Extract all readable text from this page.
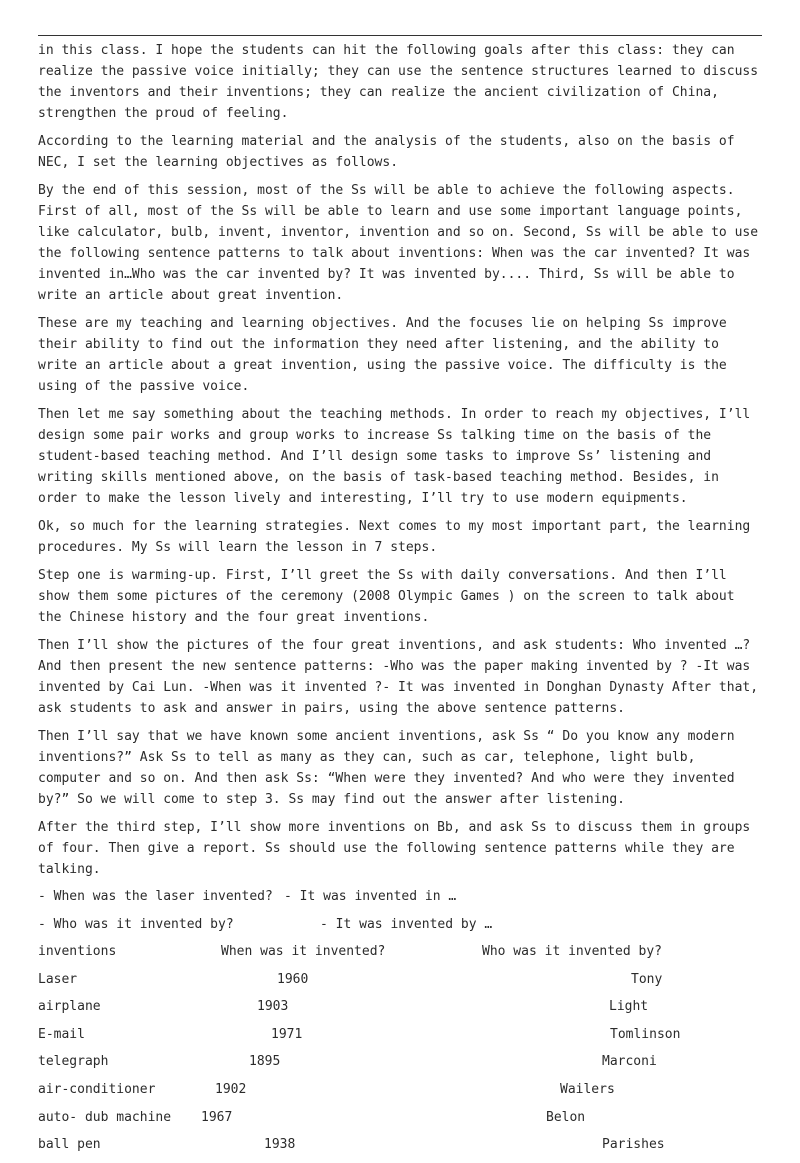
in this class. I hope the students can hit the following goals after this class: they can realize the passive voice initially; they can use the sentence structures learned to discuss the inventors and their inventions; they can realize the ancient civilization of China, strengthen the proud of feeling.

According to the learning material and the analysis of the students, also on the basis of NEC, I set the learning objectives as follows.

By the end of this session, most of the Ss will be able to achieve the following aspects. First of all, most of the Ss will be able to learn and use some important language points, like calculator, bulb, invent, inventor, invention and so on. Second, Ss will be able to use the following sentence patterns to talk about inventions: When was the car invented? It was invented in…Who was the car invented by? It was invented by.... Third, Ss will be able to write an article about great invention.

These are my teaching and learning objectives. And the focuses lie on helping Ss improve their ability to find out the information they need after listening, and the ability to write an article about a great invention, using the passive voice. The difficulty is the using of the passive voice.

Then let me say something about the teaching methods. In order to reach my objectives, I’ll design some pair works and group works to increase Ss talking time on the basis of the student-based teaching method. And I’ll design some tasks to improve Ss’ listening and writing skills mentioned above, on the basis of task-based teaching method. Besides, in order to make the lesson lively and interesting, I’ll try to use modern equipments.

Ok, so much for the learning strategies. Next comes to my most important part, the learning procedures. My Ss will learn the lesson in 7 steps.

Step one is warming-up. First, I’ll greet the Ss with daily conversations. And then I’ll show them some pictures of the ceremony (2008 Olympic Games ) on the screen to talk about the Chinese history and the four great inventions.

Then I’ll show the pictures of the four great inventions, and ask students: Who invented …? And then present the new sentence patterns: -Who was the paper making invented by ? -It was invented by Cai Lun. -When was it invented ?- It was invented in Donghan Dynasty After that, ask students to ask and answer in pairs, using the above sentence patterns.

Then I’ll say that we have known some ancient inventions, ask Ss “ Do you know any modern inventions?” Ask Ss to tell as many as they can, such as car, telephone, light bulb, computer and so on. And then ask Ss: “When were they invented? And who were they invented by?” So we will come to step 3. Ss may find out the answer after listening.

After the third step, I’ll show more inventions on Bb, and ask Ss to discuss them in groups of four. Then give a report. Ss should use the following sentence patterns while they are talking.

- When was the laser invented? - It was invented in …
- Who was it invented by?	- It was invented by …
inventions	When was it invented?	Who was it invented by?
Laser	1960	Tony
airplane	1903	Light
E-mail	1971	Tomlinson
telegraph	1895	Marconi
air-conditioner	1902	Wailers
auto- dub machine 1967	Belon
ball pen	1938	Parishes
